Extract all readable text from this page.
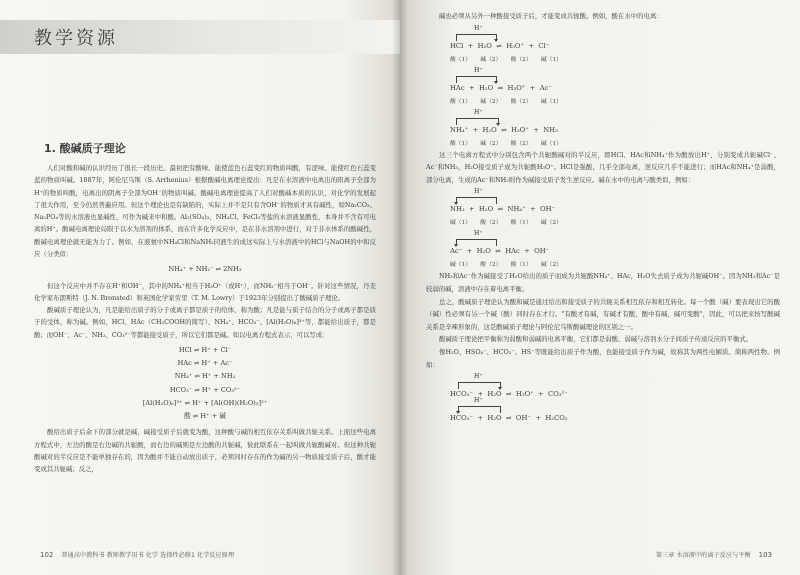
教学资源
1. 酸碱质子理论

人们对酸和碱的认识经历了很长一段历史。最初把有酸味、能使蓝色石蕊变红的物质叫酸，有涩味、能使红色石蕊变蓝的物质叫碱。1887年，阿伦尼乌斯（S. Arrhenius）根据酸碱电离理论提出：凡是在水溶液中电离出的阳离子全部为H⁺的物质叫酸，电离出的阴离子全部为OH⁻的物质叫碱。酸碱电离理论提高了人们对酸碱本质的认识，对化学的发展起了很大作用，至今仍然普遍应用。但这个理论也是有缺陷的，实际上并不是只有含OH⁻的物质才具有碱性，如Na₂CO₃、Na₃PO₄等的水溶液也显碱性，可作为碱来中和酸。Al₂(SO₄)₃、NH₄Cl、FeCl₃等盐的水溶液显酸性，本身并不含有可电离的H⁺。酸碱电离理论局限于以水为溶剂的体系，而在许多化学反应中，是在非水溶剂中进行，对于非水体系的酸碱性，酸碱电离理论就无能为力了。例如，在液氨中NH₄Cl和NaNH₂同液生的成这实际上与水溶液中的HCl与NaOH的中和反应（分类似：

NH₄⁺ + NH₂⁻ ⇌ 2NH₃

但这个反应中并不存在H⁺和OH⁻，其中的NH₄⁺相当于H₃O⁺（或H⁺），而NH₂⁻相当于OH⁻。针对这些情况，丹麦化学家布朗斯特（J. N. Bronsted）和英国化学家劳里（T. M. Lowry）于1923年分别提出了酸碱质子理论。

酸碱质子理论认为，凡是能给出质子的分子或离子都是质子的给体，称为酸；凡是能与质子结合的分子或离子都是质子的受体，称为碱。例如，HCl、HAc（CH₃COOH的简写）、NH₄⁺、HCO₃⁻、[Al(H₂O)₆]³⁺等，都能给出质子，都是酸；而OH⁻、Ac⁻、NH₃、CO₃²⁻等都能接受质子，所以它们都是碱。如以电离方程式表示，可以写成：

HCl ⇌ H⁺ + Cl⁻
HAc ⇌ H⁺ + Ac⁻
NH₄⁺ ⇌ H⁺ + NH₃
HCO₃⁻ ⇌ H⁺ + CO₃²⁻
[Al(H₂O)₆]³⁺ ⇌ H⁺ + [Al(OH)(H₂O)₅]²⁺
酸 ⇌ H⁺ + 碱

酸给出质子后余下的部分就是碱，碱接受质子后就变为酸，这种酸与碱的相互依存关系叫做共轭关系。上面这些电离方程式中，左边的酸是右边碱的共轭酸，而右边的碱则是左边酸的共轭碱，彼此联系在一起叫做共轭酸碱对。但这种共轭酸碱对的半反应是不能单独存在的，因为酸并不能自动放出质子，必须同时存在的作为碱的另一物质接受质子后，酸才能变成其共轭碱；反之，

102 普通高中教科书 教师教学用书 化学 选择性必修1 化学反应原理

碱也必须从另外一种酸接受质子后，才能变成共轭酸。例如，酸在水中的电离：

H⁺
HCl  +  H₂O  ⇌  H₃O⁺  +  Cl⁻
酸（1）     碱（2）     酸（2）     碱（1）
H⁺
HAc  +  H₂O  ⇌  H₃O⁺  +  Ac⁻
酸（1）     碱（2）     酸（2）     碱（1）
H⁺
NH₄⁺  +  H₂O  ⇌  H₃O⁺  +  NH₃
酸（1）     碱（2）     酸（2）     碱（1）

这三个电离方程式中分别包含两个共轭酸碱对的半反应，即HCl、HAc和NH₄⁺作为酸放出H⁺，分别变成共轭碱Cl⁻、Ac⁻和NH₃，H₂O接受质子成为共轭酸H₃O⁺。HCl是强酸，几乎全部电离，逆反应几乎不能进行；而HAc和NH₄⁺是弱酸，部分电离，生成的Ac⁻和NH₃则作为碱接受质子发生逆反应。碱在水中的电离与酸类似，例如：

H⁺
NH₃  +  H₂O  ⇌  NH₄⁺  +  OH⁻
碱（1）     酸（2）     酸（1）     碱（2）
H⁺
Ac⁻  +  H₂O  ⇌  HAc  +  OH⁻
碱（1）     酸（2）     酸（1）     碱（2）

NH₃和Ac⁻作为碱接受了H₂O给出的质子而成为共轭酸NH₄⁺、HAc，H₂O失去质子成为共轭碱OH⁻。因为NH₃和Ac⁻是较弱的碱，溶液中存在着电离平衡。

总之，酸碱质子理论认为酸和碱是通过给出和接受质子的共轭关系相互依存和相互转化。每一个酸（碱）要表现出它的酸（碱）性必须有另一个碱（酸）同时存在才行。"有酸才有碱，有碱才有酸，酸中有碱，碱可变酸"，因此，可以把来按写酸碱关系是辛辣形象的，这是酸碱质子理论与阿伦尼乌斯酸碱理论的区别之一。

酸碱质子理论把平衡称为弱酸和弱碱的电离平衡，它们都是弱酸、弱碱与溶剂水分子间质子传递反应的平衡式。

像H₂O、HSO₄⁻、HCO₃⁻、HS⁻等既能给出质子作为酸，也能接受质子作为碱，故称其为两性电解质。简称两性物。例如：

H⁺
HCO₃⁻  +  H₂O  ⇌  H₃O⁺  +  CO₃²⁻
H⁺
HCO₃⁻  +  H₂O  ⇌  OH⁻  +  H₂CO₃
第三章 水溶液中的离子反应与平衡 103
